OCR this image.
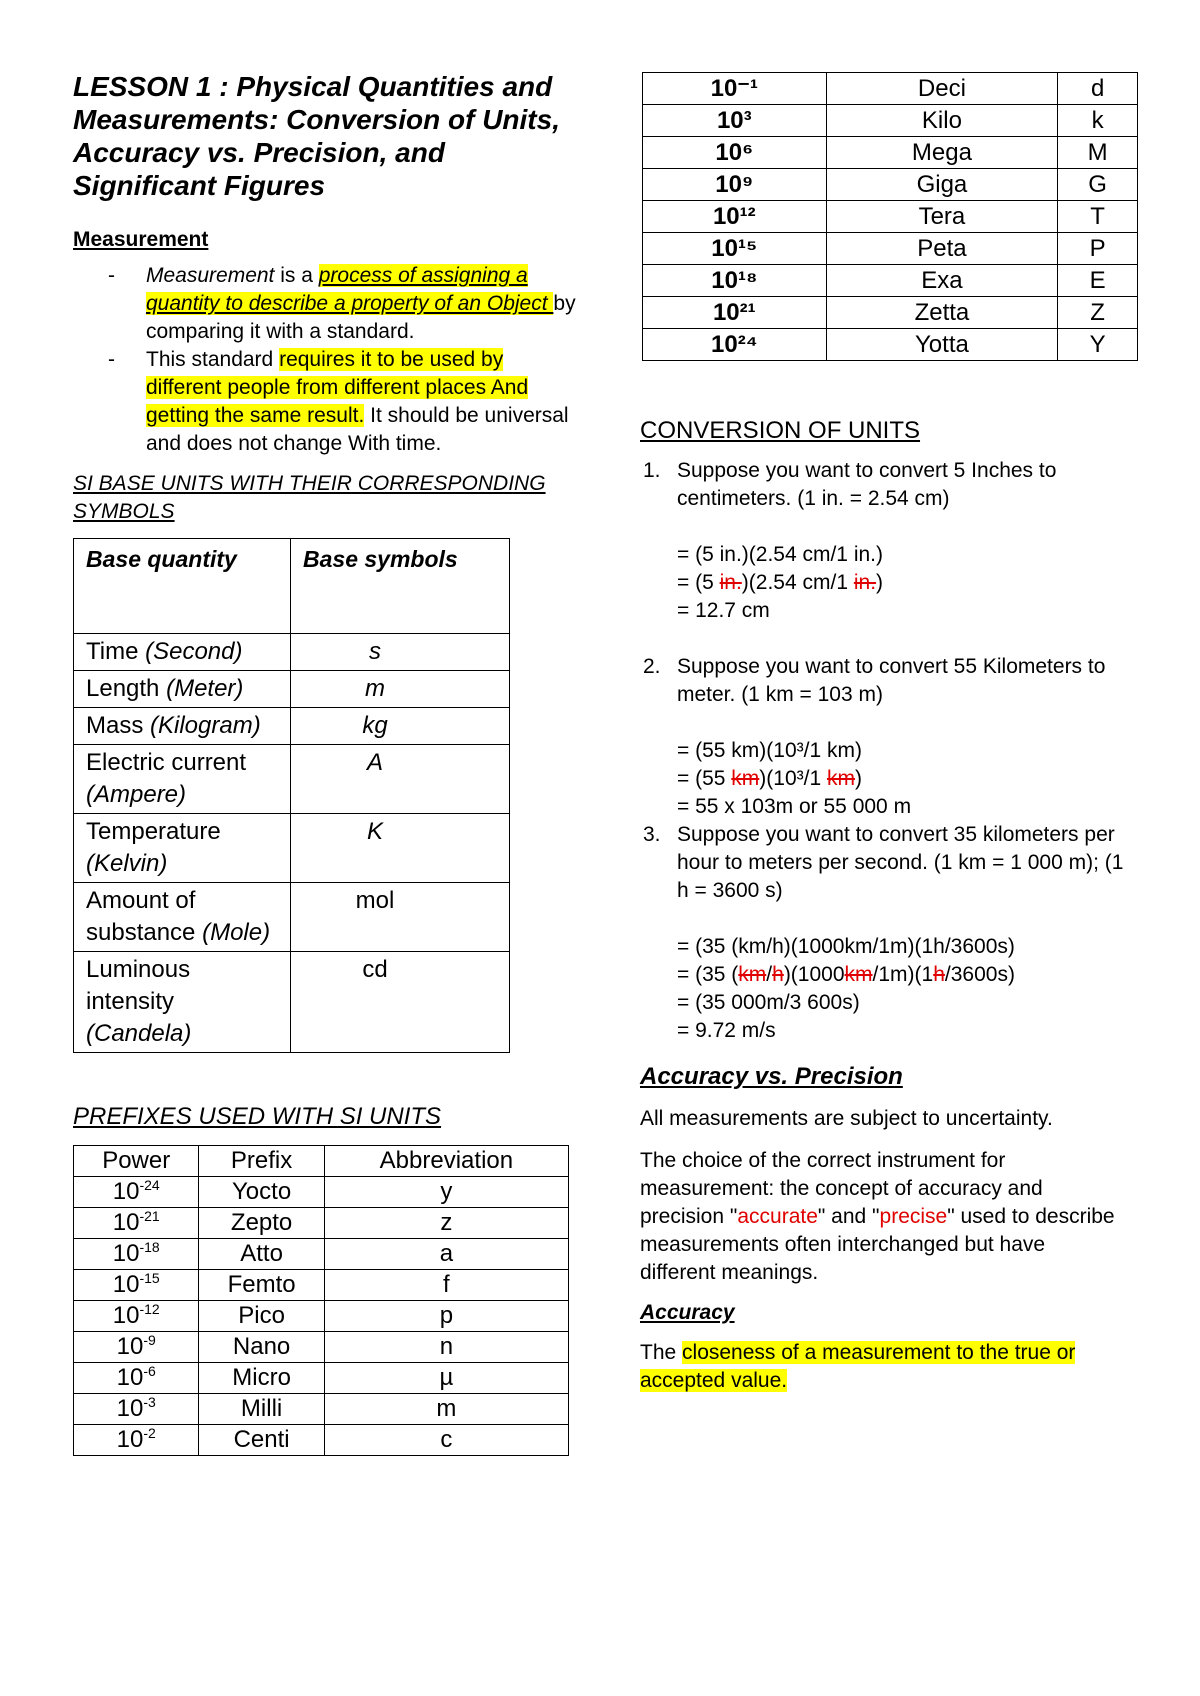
LESSON 1 : Physical Quantities and Measurements: Conversion of Units, Accuracy vs. Precision, and Significant Figures
Measurement
- Measurement is a process of assigning a quantity to describe a property of an Object by comparing it with a standard.
- This standard requires it to be used by different people from different places And getting the same result. It should be universal and does not change With time.
SI BASE UNITS WITH THEIR CORRESPONDING SYMBOLS
Base quantity	Base symbols
Time (Second)	s
Length (Meter)	m
Mass (Kilogram)	kg
Electric current (Ampere)	A
Temperature (Kelvin)	K
Amount of substance (Mole)	mol
Luminous intensity (Candela)	cd
PREFIXES USED WITH SI UNITS
Power	Prefix	Abbreviation
$10^{-24}$	Yocto	y
$10^{-21}$	Zepto	z
$10^{-18}$	Atto	a
$10^{-15}$	Femto	f
$10^{-12}$	Pico	p
$10^{-9}$	Nano	n
$10^{-6}$	Micro	µ
$10^{-3}$	Milli	m
$10^{-2}$	Centi	c
10⁻¹	Deci	d
10³	Kilo	k
10⁶	Mega	M
10⁹	Giga	G
10¹²	Tera	T
10¹⁵	Peta	P
10¹⁸	Exa	E
10²¹	Zetta	Z
10²⁴	Yotta	Y
CONVERSION OF UNITS
1. Suppose you want to convert 5 Inches to centimeters. (1 in. = 2.54 cm)
= (5 in.)(2.54 cm/1 in.)
= (5 in.)(2.54 cm/1 in.)
= 12.7 cm
2. Suppose you want to convert 55 Kilometers to meter. (1 km = 103 m)
= (55 km)(10³/1 km)
= (55 km)(10³/1 km)
= 55 x 103m or 55 000 m
3. Suppose you want to convert 35 kilometers per hour to meters per second. (1 km = 1 000 m); (1 h = 3600 s)
= (35 (km/h)(1000km/1m)(1h/3600s)
= (35 (km/h)(1000km/1m)(1h/3600s)
= (35 000m/3 600s)
= 9.72 m/s
Accuracy vs. Precision

All measurements are subject to uncertainty.

The choice of the correct instrument for measurement: the concept of accuracy and precision "accurate" and "precise" used to describe measurements often interchanged but have different meanings.

Accuracy

The closeness of a measurement to the true or accepted value.
